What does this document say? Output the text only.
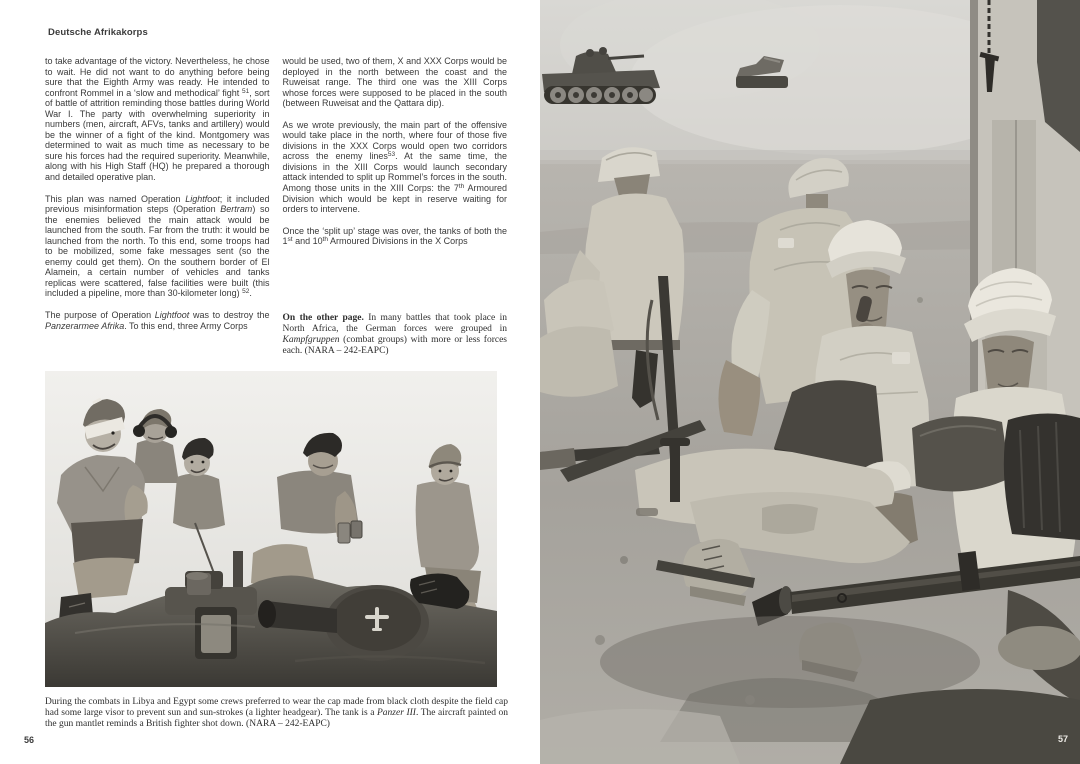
Deutsche Afrikakorps

to take advantage of the victory. Nevertheless, he chose to wait. He did not want to do anything before being sure that the Eighth Army was ready. He intended to confront Rommel in a ‘slow and methodical’ fight $^{51}$, sort of battle of attrition reminding those battles during World War I. The party with overwhelming superiority in numbers (men, aircraft, AFVs, tanks and artillery) would be the winner of a fight of the kind. Montgomery was determined to wait as much time as necessary to be sure his forces had the required superiority. Meanwhile, along with his High Staff (HQ) he prepared a thorough and detailed operative plan.

This plan was named Operation Lightfoot; it included previous misinformation steps (Operation Bertram) so the enemies believed the main attack would be launched from the south. Far from the truth: it would be launched from the north. To this end, some troops had to be mobilized, some fake messages sent (so the enemy could get them). On the southern border of El Alamein, a certain number of vehicles and tanks replicas were scattered, false facilities were built (this included a pipeline, more than 30-kilometer long) $^{52}$.

The purpose of Operation Lightfoot was to destroy the Panzerarmee Afrika. To this end, three Army Corps

would be used, two of them, X and XXX Corps would be deployed in the north between the coast and the Ruweisat range. The third one was the XIII Corps whose forces were supposed to be placed in the south (between Ruweisat and the Qattara dip).

As we wrote previously, the main part of the offensive would take place in the north, where four of those five divisions in the XXX Corps would open two corridors across the enemy lines$^{53}$. At the same time, the divisions in the XIII Corps would launch secondary attack intended to split up Rommel’s forces in the south. Among those units in the XIII Corps: the 7th Armoured Division which would be kept in reserve waiting for orders to intervene.

Once the ‘split up’ stage was over, the tanks of both the 1st and 10th Armoured Divisions in the X Corps

On the other page. In many battles that took place in North Africa, the German forces were grouped in Kampfgruppen (combat groups) with more or less forces each. (NARA – 242-EAPC)

During the combats in Libya and Egypt some crews preferred to wear the cap made from black cloth despite the field cap had some large visor to prevent sun and sun-strokes (a lighter headgear). The tank is a Panzer III. The aircraft painted on the gun mantlet reminds a British fighter shot down. (NARA – 242-EAPC)
56	57
